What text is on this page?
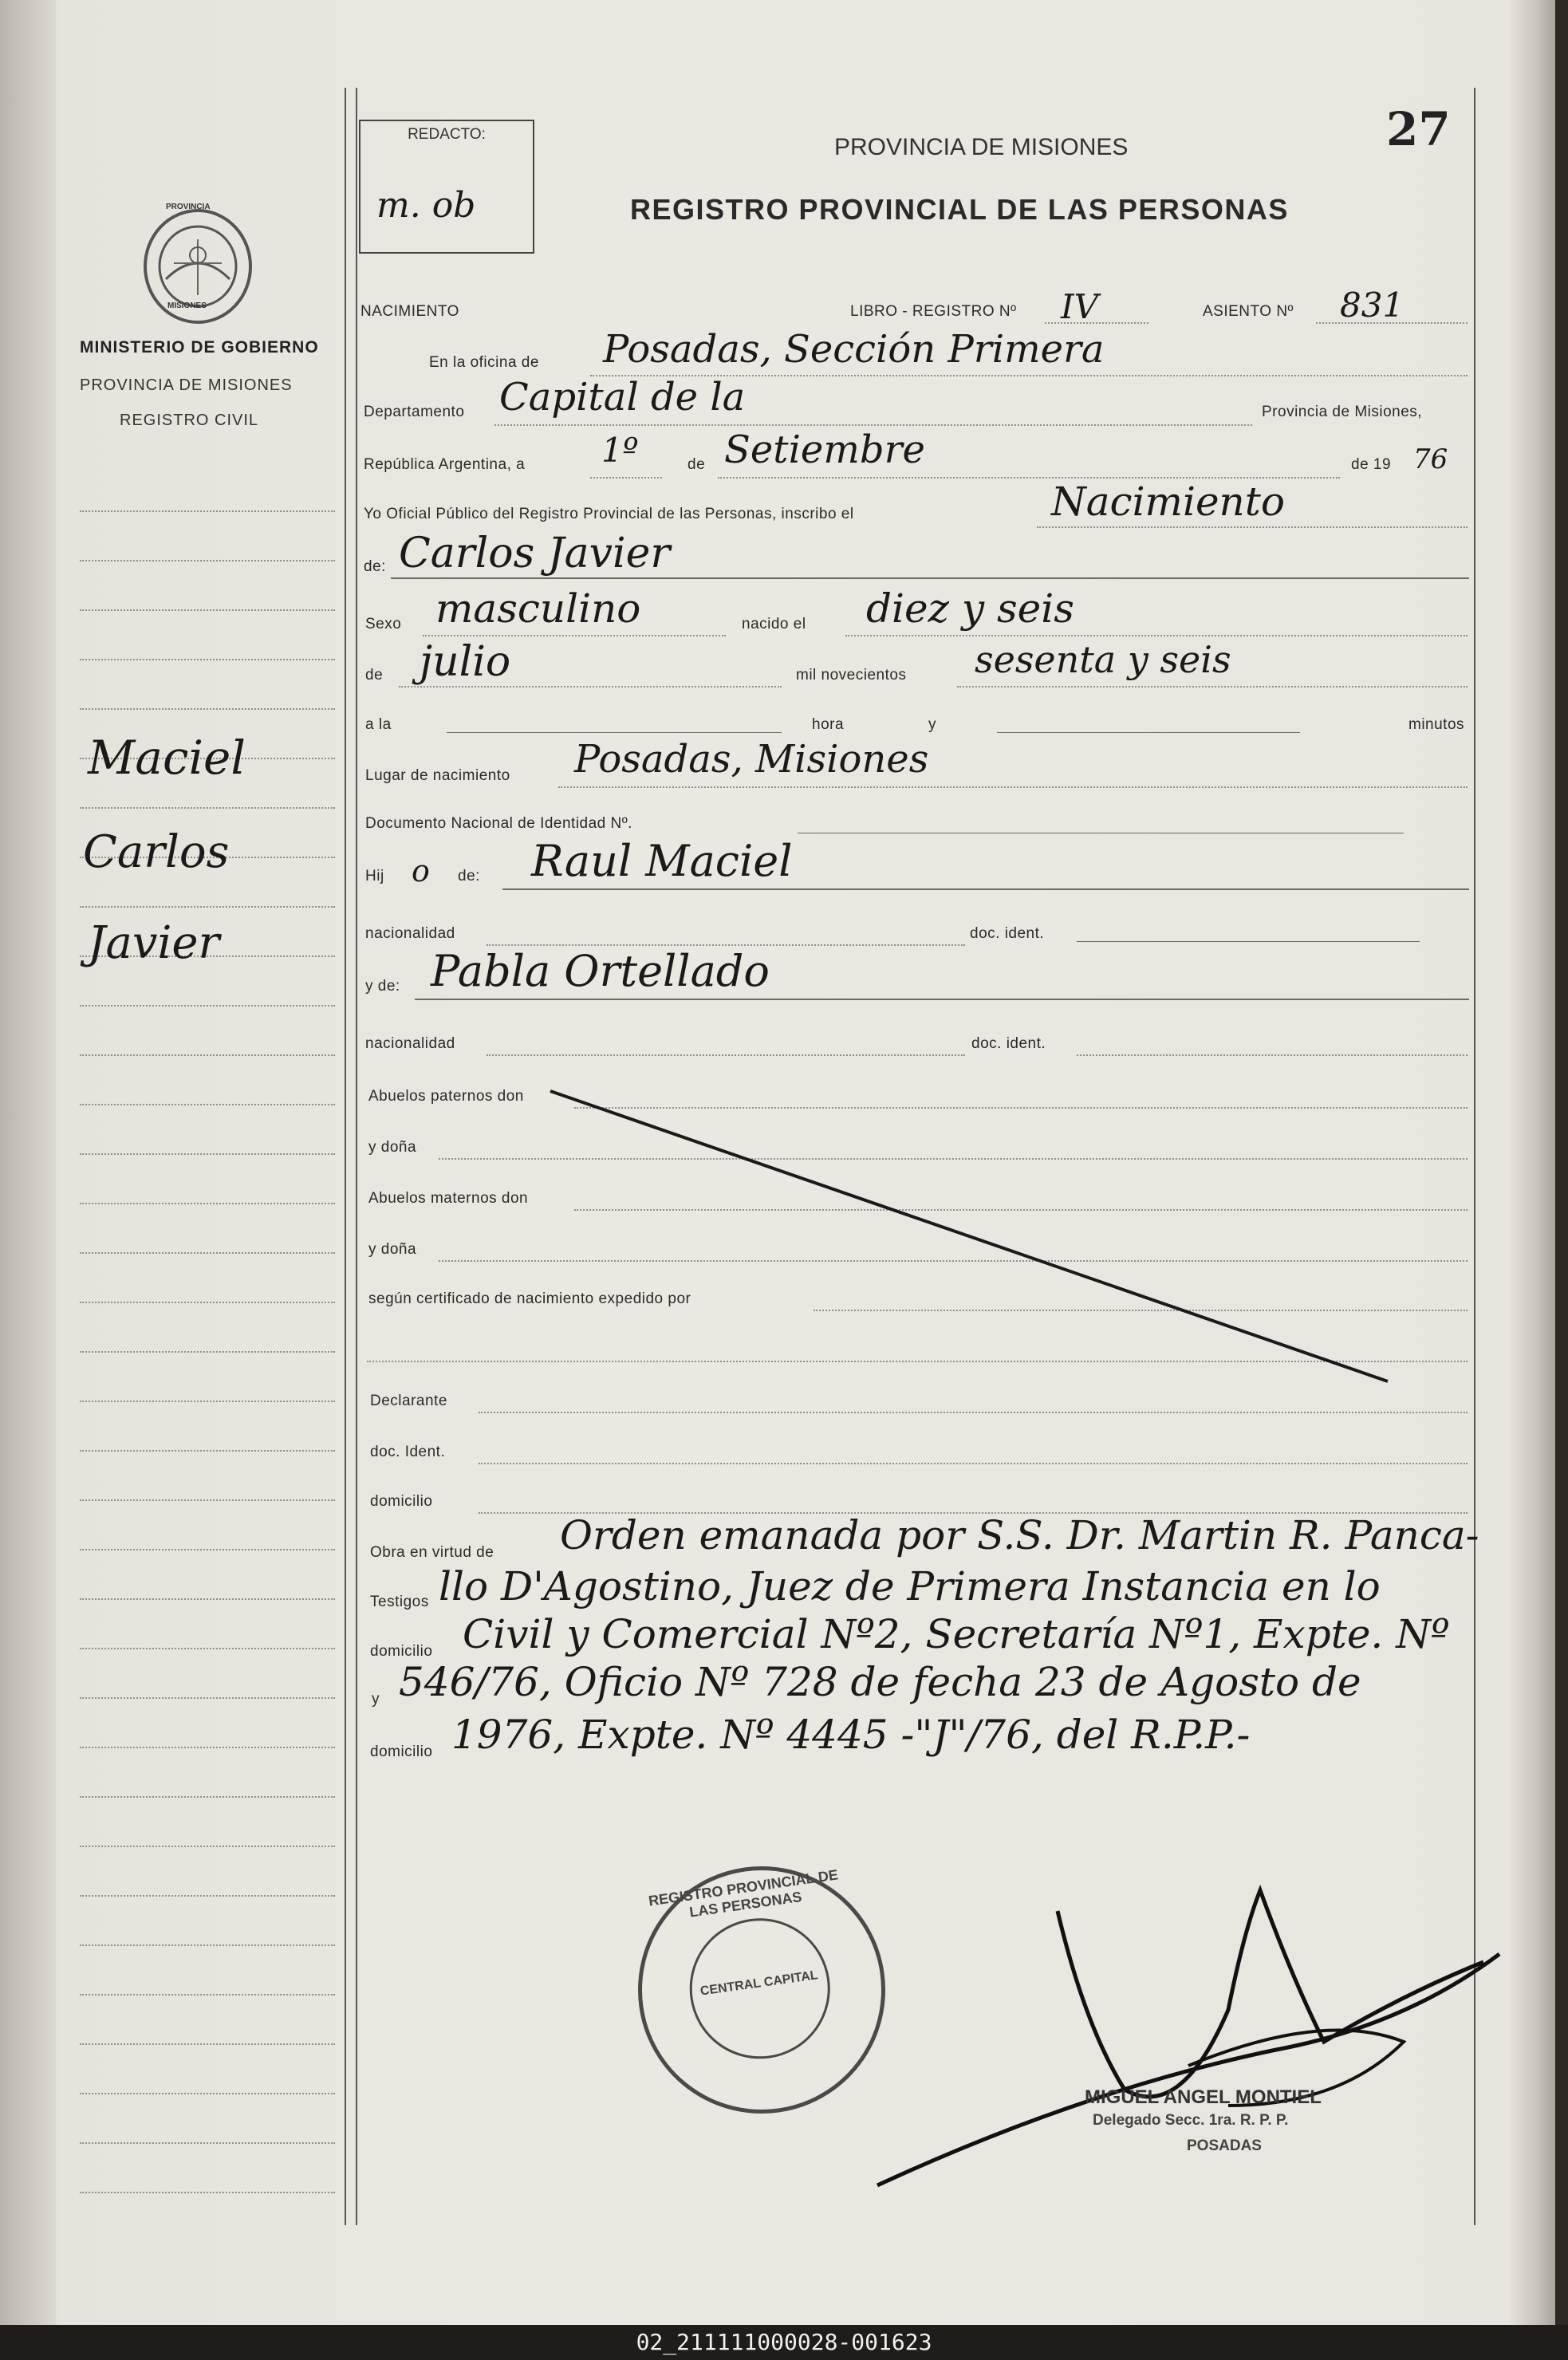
REDACTO:
m. ob
PROVINCIA DE MISIONES
REGISTRO PROVINCIAL DE LAS PERSONAS
27
PROVINCIA
MISIONES
MINISTERIO DE GOBIERNO
PROVINCIA DE MISIONES
REGISTRO CIVIL
Maciel
Carlos
Javier
NACIMIENTO	LIBRO - REGISTRO Nº IV	ASIENTO Nº 831
En la oficina de Posadas, Sección Primera
Departamento Capital de la	Provincia de Misiones,
República Argentina, a 1º	de Setiembre	de 19 76
Yo Oficial Público del Registro Provincial de las Personas, inscribo el	Nacimiento
de: Carlos Javier
Sexo masculino	nacido el diez y seis
de julio	mil novecientos sesenta y seis
a la	hora	y	minutos
Lugar de nacimiento Posadas, Misiones
Documento Nacional de Identidad Nº.
Hij o de: Raul Maciel
nacionalidad	doc. ident.
y de: Pabla Ortellado
nacionalidad	doc. ident.
Abuelos paternos don
y doña
Abuelos maternos don
y doña
según certificado de nacimiento expedido por
Declarante
doc. Ident.
domicilio
Obra en virtud de Orden emanada por S.S. Dr. Martin R. Panca-
Testigos llo D'Agostino, Juez de Primera Instancia en lo
domicilio Civil y Comercial Nº2, Secretaría Nº1, Expte. Nº
y 546/76, Oficio Nº 728 de fecha 23 de Agosto de
domicilio 1976, Expte. Nº 4445 -"J"/76, del R.P.P.-
REGISTRO PROVINCIAL DE LAS PERSONAS
CENTRAL CAPITAL
MIGUEL ANGEL MONTIEL
Delegado Secc. 1ra. R. P. P.
POSADAS
02_211111000028-001623
